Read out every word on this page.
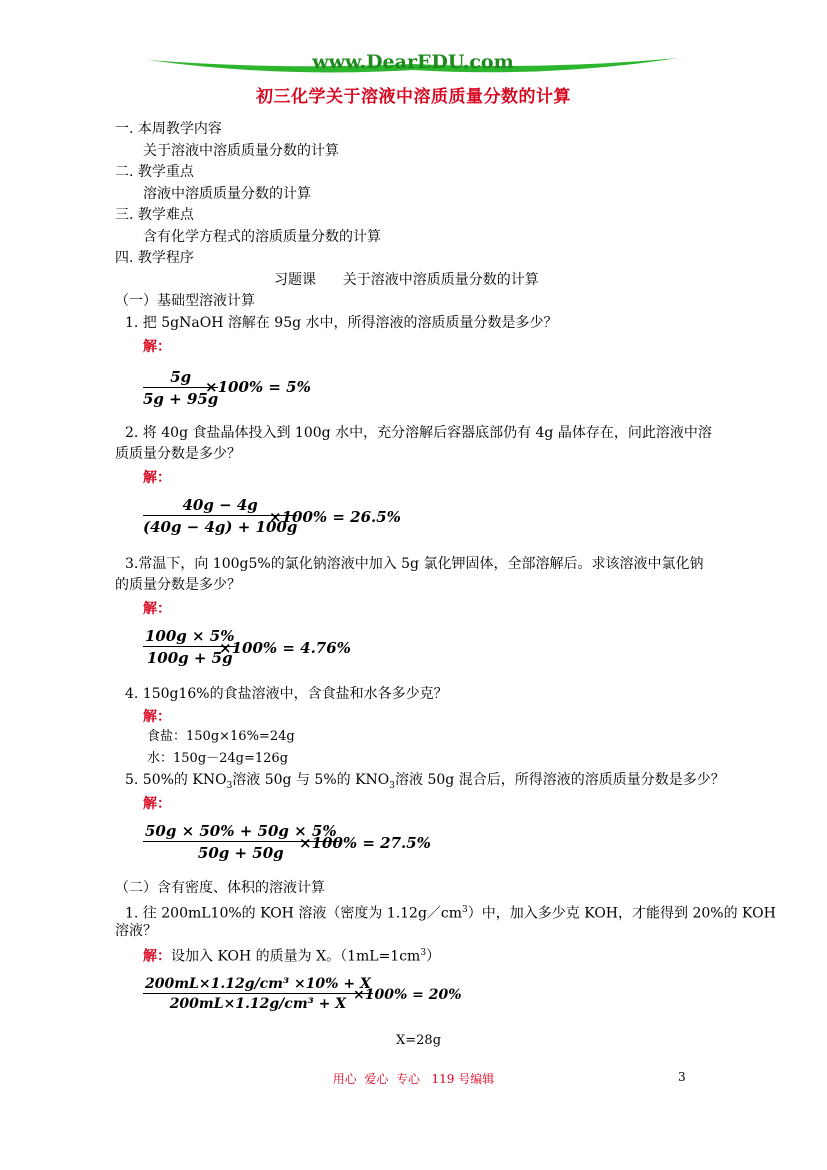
www.DearEDU.com
初三化学关于溶液中溶质质量分数的计算
一. 本周教学内容
关于溶液中溶质质量分数的计算
二. 教学重点
溶液中溶质质量分数的计算
三. 教学难点
含有化学方程式的溶质质量分数的计算
四. 教学程序
习题课      关于溶液中溶质质量分数的计算
（一）基础型溶液计算
1. 把 5gNaOH 溶解在 95g 水中，所得溶液的溶质质量分数是多少？
解：
$\frac{5g}{5g + 95g}$
×100% = 5%
2. 将 40g 食盐晶体投入到 100g 水中，充分溶解后容器底部仍有 4g 晶体存在，问此溶液中溶
质质量分数是多少？
解：
$\frac{40g - 4g}{(40g - 4g) + 100g}$
×100% = 26.5%
3.常温下，向 100g5%的氯化钠溶液中加入 5g 氯化钾固体，全部溶解后。求该溶液中氯化钠
的质量分数是多少？
解：
$\frac{100g \times 5\%}{100g + 5g}$
×100% = 4.76%
4. 150g16%的食盐溶液中，含食盐和水各多少克？
解：
食盐：150g×16%=24g
水：150g－24g=126g
5. 50%的 $KNO_3$溶液 50g 与 5%的 $KNO_3$溶液 50g 混合后，所得溶液的溶质质量分数是多少？
解：
$\frac{50g \times 50\% + 50g \times 5\%}{50g + 50g}$
×100% = 27.5%
（二）含有密度、体积的溶液计算
1. 往 200mL10%的 KOH 溶液（密度为 $1.12g/cm^3$）中，加入多少克 KOH，才能得到 20%的 KOH
溶液？
解：设加入 KOH 的质量为 X。$(1mL=1cm^3)$
$\frac{\text{200mL×1.12g/cm³ ×10\% + X}}{\text{200mL×1.12g/cm³ + X}}$
×100% = 20%
X=28g
用心  爱心  专心   119 号编辑	3
